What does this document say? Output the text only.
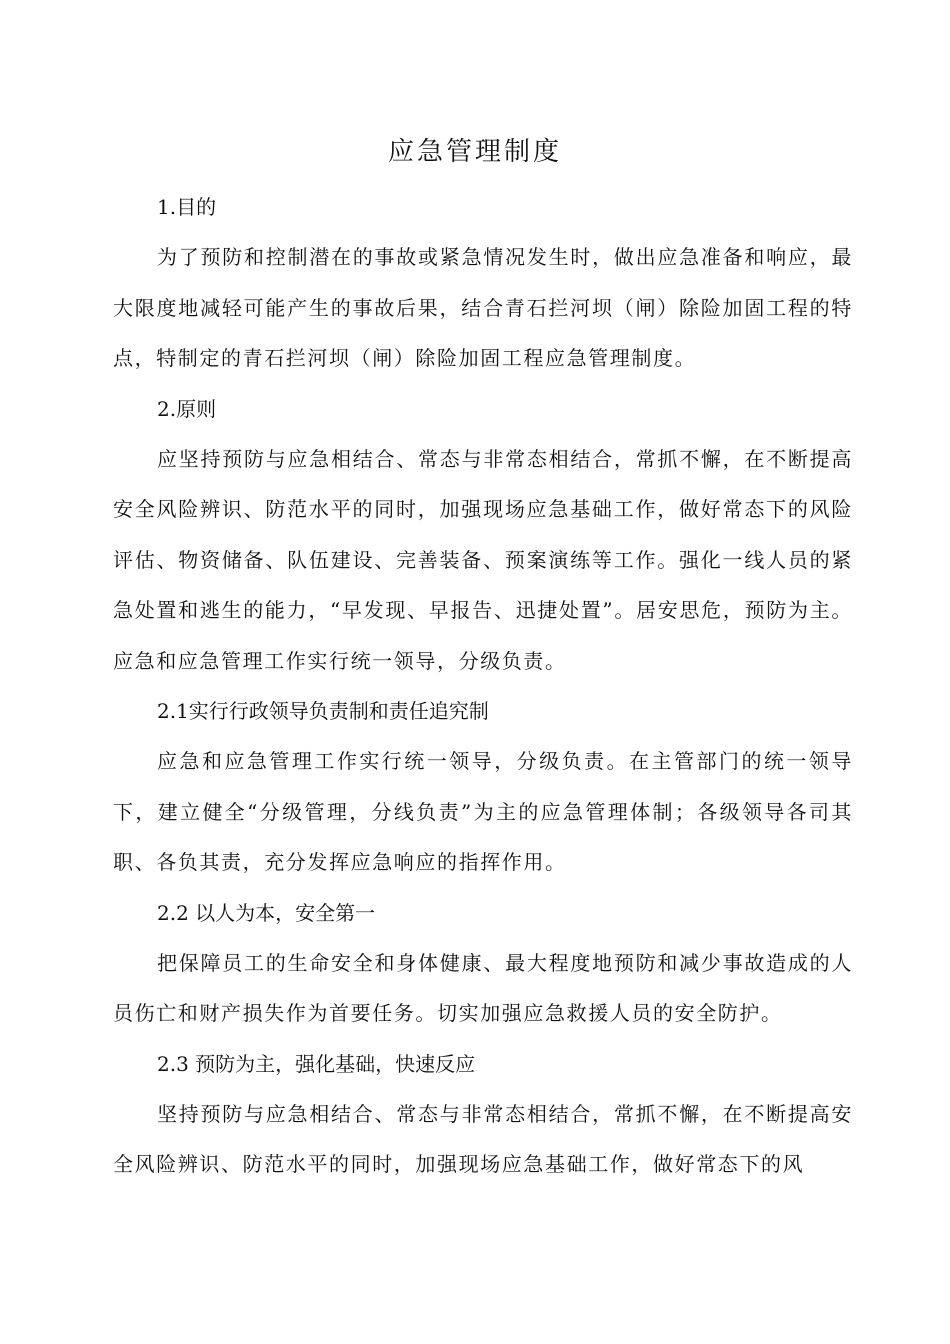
应急管理制度

1.目的

为了预防和控制潜在的事故或紧急情况发生时，做出应急准备和响应，最大限度地减轻可能产生的事故后果，结合青石拦河坝（闸）除险加固工程的特点，特制定的青石拦河坝（闸）除险加固工程应急管理制度。

2.原则

应坚持预防与应急相结合、常态与非常态相结合，常抓不懈，在不断提高安全风险辨识、防范水平的同时，加强现场应急基础工作，做好常态下的风险评估、物资储备、队伍建设、完善装备、预案演练等工作。强化一线人员的紧急处置和逃生的能力，“早发现、早报告、迅捷处置”。居安思危，预防为主。应急和应急管理工作实行统一领导，分级负责。

2.1实行行政领导负责制和责任追究制

应急和应急管理工作实行统一领导，分级负责。在主管部门的统一领导下，建立健全“分级管理，分线负责”为主的应急管理体制；各级领导各司其职、各负其责，充分发挥应急响应的指挥作用。

2.2 以人为本，安全第一

把保障员工的生命安全和身体健康、最大程度地预防和减少事故造成的人员伤亡和财产损失作为首要任务。切实加强应急救援人员的安全防护。

2.3 预防为主，强化基础，快速反应

坚持预防与应急相结合、常态与非常态相结合，常抓不懈，在不断提高安全风险辨识、防范水平的同时，加强现场应急基础工作，做好常态下的风
